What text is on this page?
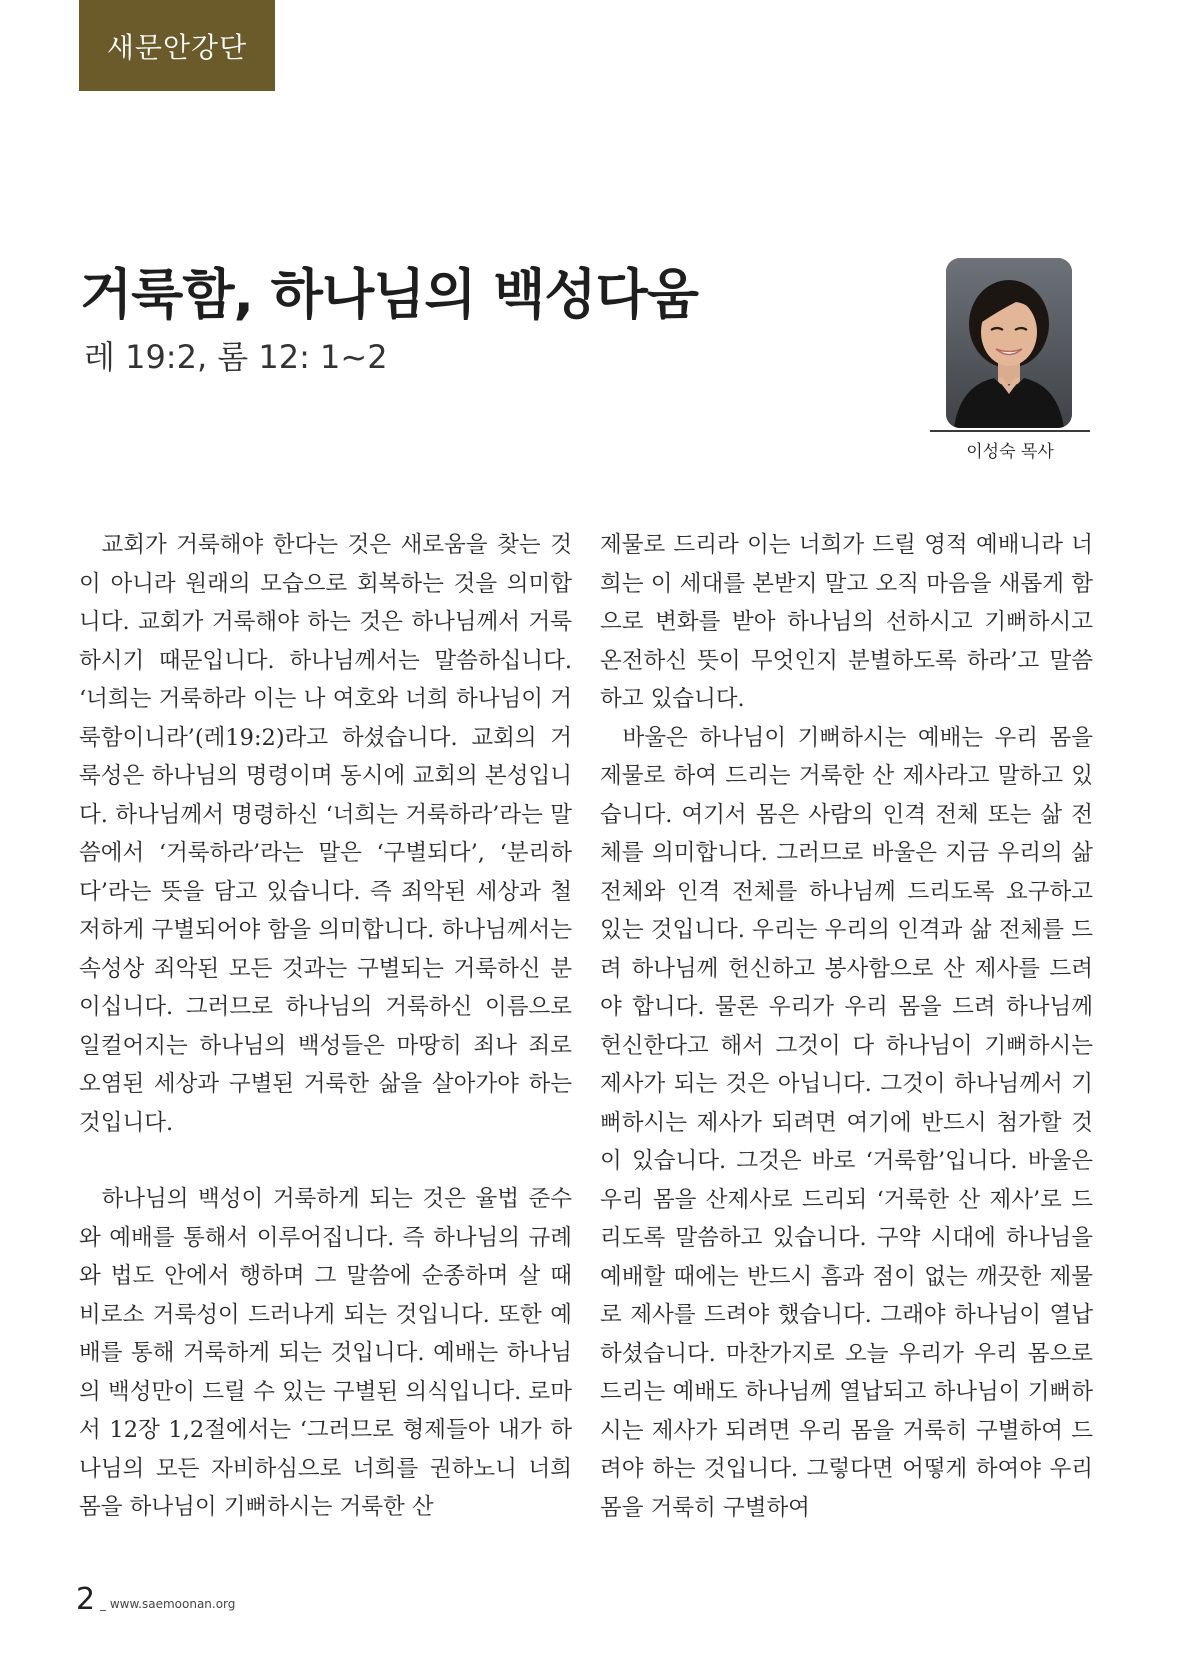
새문안강단
거룩함, 하나님의 백성다움
레 19:2, 롬 12: 1~2
이성숙 목사

교회가 거룩해야 한다는 것은 새로움을 찾는 것이 아니라 원래의 모습으로 회복하는 것을 의미합니다. 교회가 거룩해야 하는 것은 하나님께서 거룩하시기 때문입니다. 하나님께서는 말씀하십니다. ‘너희는 거룩하라 이는 나 여호와 너희 하나님이 거룩함이니라’(레19:2)라고 하셨습니다. 교회의 거룩성은 하나님의 명령이며 동시에 교회의 본성입니다. 하나님께서 명령하신 ‘너희는 거룩하라’라는 말씀에서 ‘거룩하라’라는 말은 ‘구별되다’, ‘분리하다’라는 뜻을 담고 있습니다. 즉 죄악된 세상과 철저하게 구별되어야 함을 의미합니다. 하나님께서는 속성상 죄악된 모든 것과는 구별되는 거룩하신 분이십니다. 그러므로 하나님의 거룩하신 이름으로 일컬어지는 하나님의 백성들은 마땅히 죄나 죄로 오염된 세상과 구별된 거룩한 삶을 살아가야 하는 것입니다.

하나님의 백성이 거룩하게 되는 것은 율법 준수와 예배를 통해서 이루어집니다. 즉 하나님의 규례와 법도 안에서 행하며 그 말씀에 순종하며 살 때 비로소 거룩성이 드러나게 되는 것입니다. 또한 예배를 통해 거룩하게 되는 것입니다. 예배는 하나님의 백성만이 드릴 수 있는 구별된 의식입니다. 로마서 12장 1,2절에서는 ‘그러므로 형제들아 내가 하나님의 모든 자비하심으로 너희를 권하노니 너희 몸을 하나님이 기뻐하시는 거룩한 산

제물로 드리라 이는 너희가 드릴 영적 예배니라 너희는 이 세대를 본받지 말고 오직 마음을 새롭게 함으로 변화를 받아 하나님의 선하시고 기뻐하시고 온전하신 뜻이 무엇인지 분별하도록 하라’고 말씀하고 있습니다.

바울은 하나님이 기뻐하시는 예배는 우리 몸을 제물로 하여 드리는 거룩한 산 제사라고 말하고 있습니다. 여기서 몸은 사람의 인격 전체 또는 삶 전체를 의미합니다. 그러므로 바울은 지금 우리의 삶 전체와 인격 전체를 하나님께 드리도록 요구하고 있는 것입니다. 우리는 우리의 인격과 삶 전체를 드려 하나님께 헌신하고 봉사함으로 산 제사를 드려야 합니다. 물론 우리가 우리 몸을 드려 하나님께 헌신한다고 해서 그것이 다 하나님이 기뻐하시는 제사가 되는 것은 아닙니다. 그것이 하나님께서 기뻐하시는 제사가 되려면 여기에 반드시 첨가할 것이 있습니다. 그것은 바로 ‘거룩함’입니다. 바울은 우리 몸을 산제사로 드리되 ‘거룩한 산 제사’로 드리도록 말씀하고 있습니다. 구약 시대에 하나님을 예배할 때에는 반드시 흠과 점이 없는 깨끗한 제물로 제사를 드려야 했습니다. 그래야 하나님이 열납하셨습니다. 마찬가지로 오늘 우리가 우리 몸으로 드리는 예배도 하나님께 열납되고 하나님이 기뻐하시는 제사가 되려면 우리 몸을 거룩히 구별하여 드려야 하는 것입니다. 그렇다면 어떻게 하여야 우리 몸을 거룩히 구별하여

2 _ www.saemoonan.org
